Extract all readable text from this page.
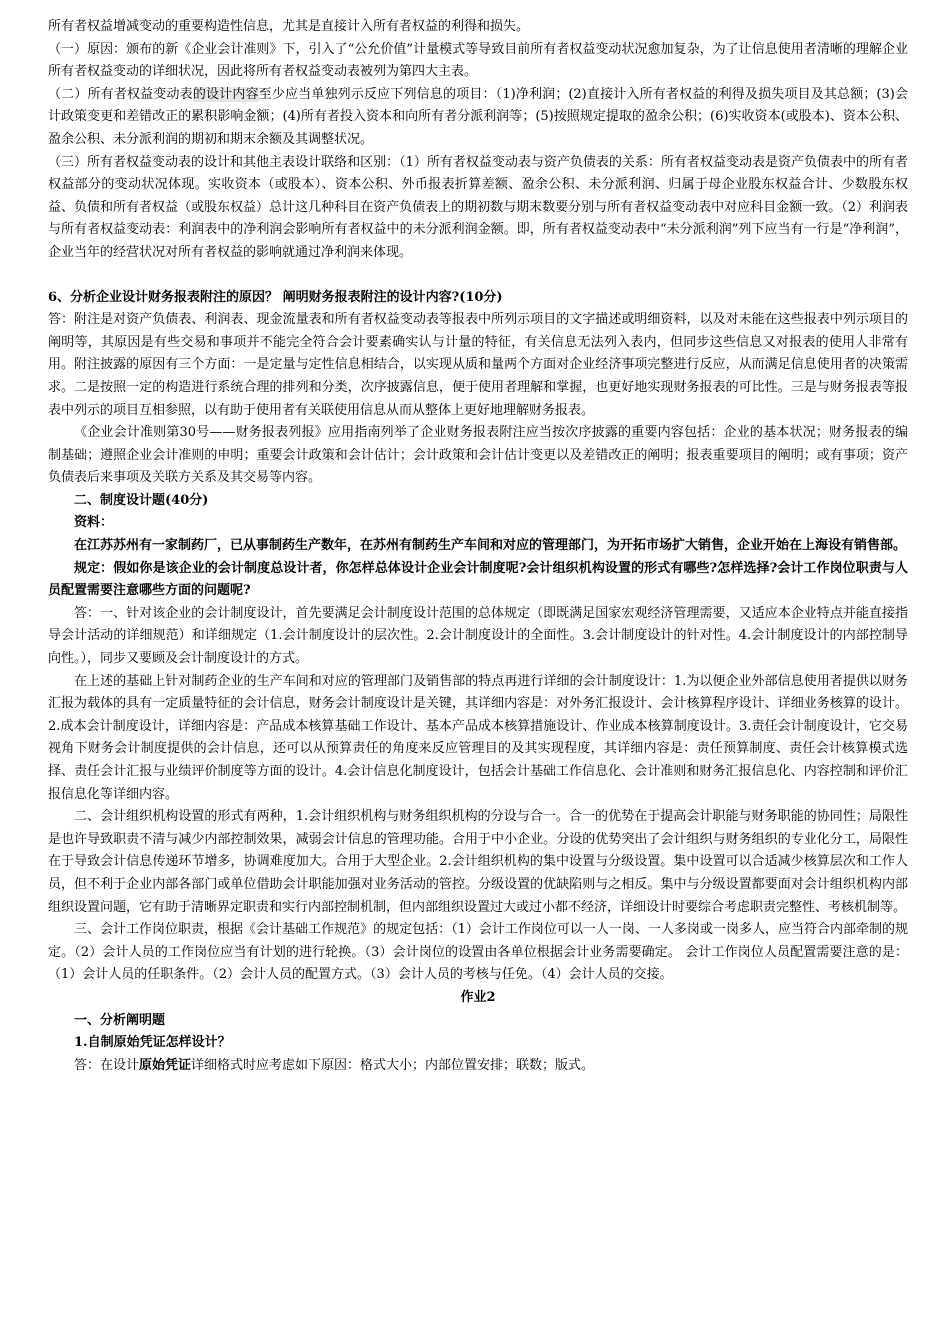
所有者权益增减变动的重要构造性信息，尤其是直接计入所有者权益的利得和损失。

（一）原因：颁布的新《企业会计准则》下，引入了“公允价值”计量模式等导致目前所有者权益变动状况愈加复杂，为了让信息使用者清晰的理解企业所有者权益变动的详细状况，因此将所有者权益变动表被列为第四大主表。

（二）所有者权益变动表的设计内容至少应当单独列示反应下列信息的项目：（1)净利润；(2)直接计入所有者权益的利得及损失项目及其总额；(3)会计政策变更和差错改正的累积影响金额；(4)所有者投入资本和向所有者分派利润等；(5)按照规定提取的盈余公积；(6)实收资本(或股本)、资本公积、盈余公积、未分派利润的期初和期末余额及其调整状况。

（三）所有者权益变动表的设计和其他主表设计联络和区别：（1）所有者权益变动表与资产负债表的关系：所有者权益变动表是资产负债表中的所有者权益部分的变动状况体现。实收资本（或股本）、资本公积、外币报表折算差额、盈余公积、未分派利润、归属于母企业股东权益合计、少数股东权益、负债和所有者权益（或股东权益）总计这几种科目在资产负债表上的期初数与期末数要分别与所有者权益变动表中对应科目金额一致。（2）利润表与所有者权益变动表：利润表中的净利润会影响所有者权益中的未分派利润金额。即，所有者权益变动表中“未分派利润”列下应当有一行是“净利润”，企业当年的经营状况对所有者权益的影响就通过净利润来体现。

6、分析企业设计财务报表附注的原因？ 阐明财务报表附注的设计内容?(10分)

答：附注是对资产负债表、利润表、现金流量表和所有者权益变动表等报表中所列示项目的文字描述或明细资料，以及对未能在这些报表中列示项目的阐明等，其原因是有些交易和事项并不能完全符合会计要素确实认与计量的特征，有关信息无法列入表内，但同步这些信息又对报表的使用人非常有用。附注披露的原因有三个方面：一是定量与定性信息相结合，以实现从质和量两个方面对企业经济事项完整进行反应，从而满足信息使用者的决策需求。二是按照一定的构造进行系统合理的排列和分类，次序披露信息，便于使用者理解和掌握，也更好地实现财务报表的可比性。三是与财务报表等报表中列示的项目互相参照，以有助于使用者有关联使用信息从而从整体上更好地理解财务报表。

《企业会计准则第30号——财务报表列报》应用指南列举了企业财务报表附注应当按次序披露的重要内容包括：企业的基本状况；财务报表的编制基础；遵照企业会计准则的申明；重要会计政策和会计估计；会计政策和会计估计变更以及差错改正的阐明；报表重要项目的阐明；或有事项；资产负债表后来事项及关联方关系及其交易等内容。

二、制度设计题(40分)

资料：

在江苏苏州有一家制药厂，已从事制药生产数年，在苏州有制药生产车间和对应的管理部门，为开拓市场扩大销售，企业开始在上海设有销售部。

规定：假如你是该企业的会计制度总设计者，你怎样总体设计企业会计制度呢?会计组织机构设置的形式有哪些?怎样选择?会计工作岗位职责与人员配置需要注意哪些方面的问题呢?

答：一、针对该企业的会计制度设计，首先要满足会计制度设计范围的总体规定（即既满足国家宏观经济管理需要，又适应本企业特点并能直接指导会计活动的详细规范）和详细规定（1.会计制度设计的层次性。2.会计制度设计的全面性。3.会计制度设计的针对性。4.会计制度设计的内部控制导向性。），同步又要顾及会计制度设计的方式。

在上述的基础上针对制药企业的生产车间和对应的管理部门及销售部的特点再进行详细的会计制度设计：1.为以便企业外部信息使用者提供以财务汇报为载体的具有一定质量特征的会计信息，财务会计制度设计是关键，其详细内容是：对外务汇报设计、会计核算程序设计、详细业务核算的设计。2.成本会计制度设计，详细内容是：产品成本核算基础工作设计、基本产品成本核算措施设计、作业成本核算制度设计。3.责任会计制度设计，它交易视角下财务会计制度提供的会计信息，还可以从预算责任的角度来反应管理目的及其实现程度，其详细内容是：责任预算制度、责任会计核算模式选择、责任会计汇报与业绩评价制度等方面的设计。4.会计信息化制度设计，包括会计基础工作信息化、会计准则和财务汇报信息化、内容控制和评价汇报信息化等详细内容。

二、会计组织机构设置的形式有两种，1.会计组织机构与财务组织机构的分设与合一。合一的优势在于提高会计职能与财务职能的协同性；局限性是也许导致职责不清与减少内部控制效果，减弱会计信息的管理功能。合用于中小企业。分设的优势突出了会计组织与财务组织的专业化分工，局限性在于导致会计信息传递环节增多，协调难度加大。合用于大型企业。2.会计组织机构的集中设置与分级设置。集中设置可以合适减少核算层次和工作人员，但不利于企业内部各部门或单位借助会计职能加强对业务活动的管控。分级设置的优缺陷则与之相反。集中与分级设置都要面对会计组织机构内部组织设置问题，它有助于清晰界定职责和实行内部控制机制，但内部组织设置过大或过小都不经济，详细设计时要综合考虑职责完整性、考核机制等。

三、会计工作岗位职责，根据《会计基础工作规范》的规定包括：（1）会计工作岗位可以一人一岗、一人多岗或一岗多人，应当符合内部牵制的规定。（2）会计人员的工作岗位应当有计划的进行轮换。（3）会计岗位的设置由各单位根据会计业务需要确定。 会计工作岗位人员配置需要注意的是：（1）会计人员的任职条件。（2）会计人员的配置方式。（3）会计人员的考核与任免。（4）会计人员的交接。

作业2

一、分析阐明题

1.自制原始凭证怎样设计？

答：在设计原始凭证详细格式时应考虑如下原因：格式大小；内部位置安排；联数；版式。
